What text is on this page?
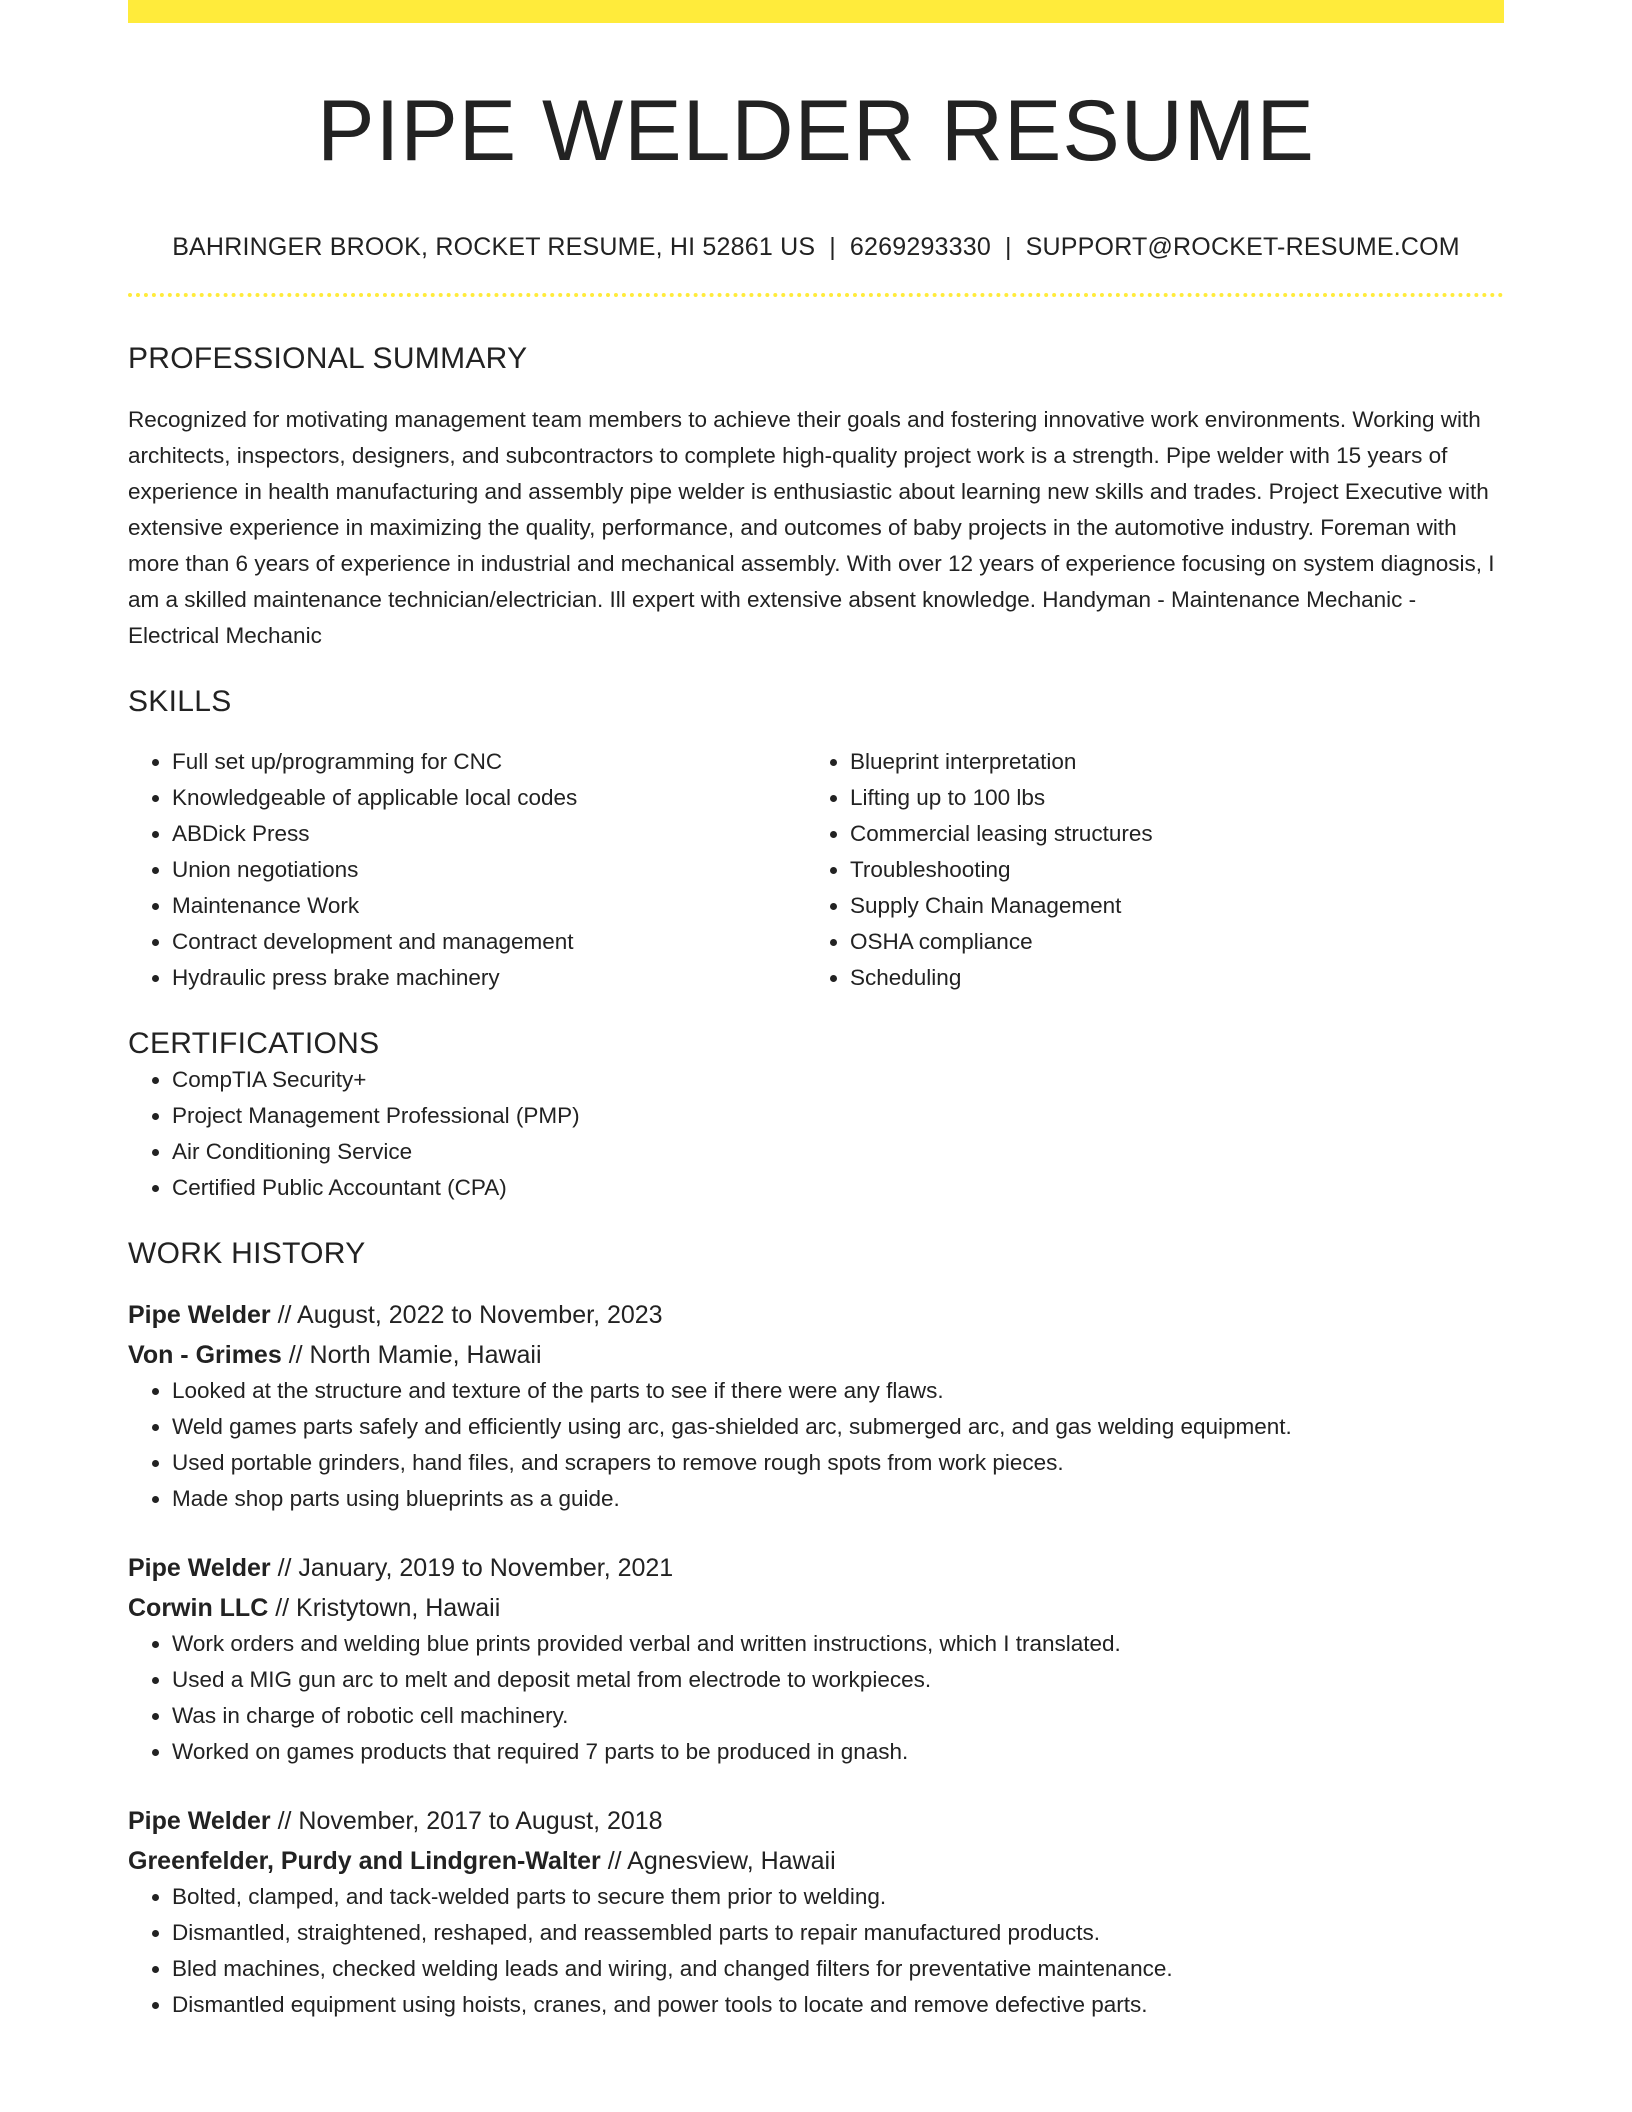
PIPE WELDER RESUME
BAHRINGER BROOK, ROCKET RESUME, HI 52861 US | 6269293330 | SUPPORT@ROCKET-RESUME.COM
PROFESSIONAL SUMMARY

Recognized for motivating management team members to achieve their goals and fostering innovative work environments. Working with architects, inspectors, designers, and subcontractors to complete high-quality project work is a strength. Pipe welder with 15 years of experience in health manufacturing and assembly pipe welder is enthusiastic about learning new skills and trades. Project Executive with extensive experience in maximizing the quality, performance, and outcomes of baby projects in the automotive industry. Foreman with more than 6 years of experience in industrial and mechanical assembly. With over 12 years of experience focusing on system diagnosis, I am a skilled maintenance technician/electrician. Ill expert with extensive absent knowledge. Handyman - Maintenance Mechanic - Electrical Mechanic

SKILLS
• Full set up/programming for CNC
• Knowledgeable of applicable local codes
• ABDick Press
• Union negotiations
• Maintenance Work
• Contract development and management
• Hydraulic press brake machinery
• Blueprint interpretation
• Lifting up to 100 lbs
• Commercial leasing structures
• Troubleshooting
• Supply Chain Management
• OSHA compliance
• Scheduling
CERTIFICATIONS
• CompTIA Security+
• Project Management Professional (PMP)
• Air Conditioning Service
• Certified Public Accountant (CPA)
WORK HISTORY
Pipe Welder // August, 2022 to November, 2023
Von - Grimes // North Mamie, Hawaii
• Looked at the structure and texture of the parts to see if there were any flaws.
• Weld games parts safely and efficiently using arc, gas-shielded arc, submerged arc, and gas welding equipment.
• Used portable grinders, hand files, and scrapers to remove rough spots from work pieces.
• Made shop parts using blueprints as a guide.
Pipe Welder // January, 2019 to November, 2021
Corwin LLC // Kristytown, Hawaii
• Work orders and welding blue prints provided verbal and written instructions, which I translated.
• Used a MIG gun arc to melt and deposit metal from electrode to workpieces.
• Was in charge of robotic cell machinery.
• Worked on games products that required 7 parts to be produced in gnash.
Pipe Welder // November, 2017 to August, 2018
Greenfelder, Purdy and Lindgren-Walter // Agnesview, Hawaii
• Bolted, clamped, and tack-welded parts to secure them prior to welding.
• Dismantled, straightened, reshaped, and reassembled parts to repair manufactured products.
• Bled machines, checked welding leads and wiring, and changed filters for preventative maintenance.
• Dismantled equipment using hoists, cranes, and power tools to locate and remove defective parts.
